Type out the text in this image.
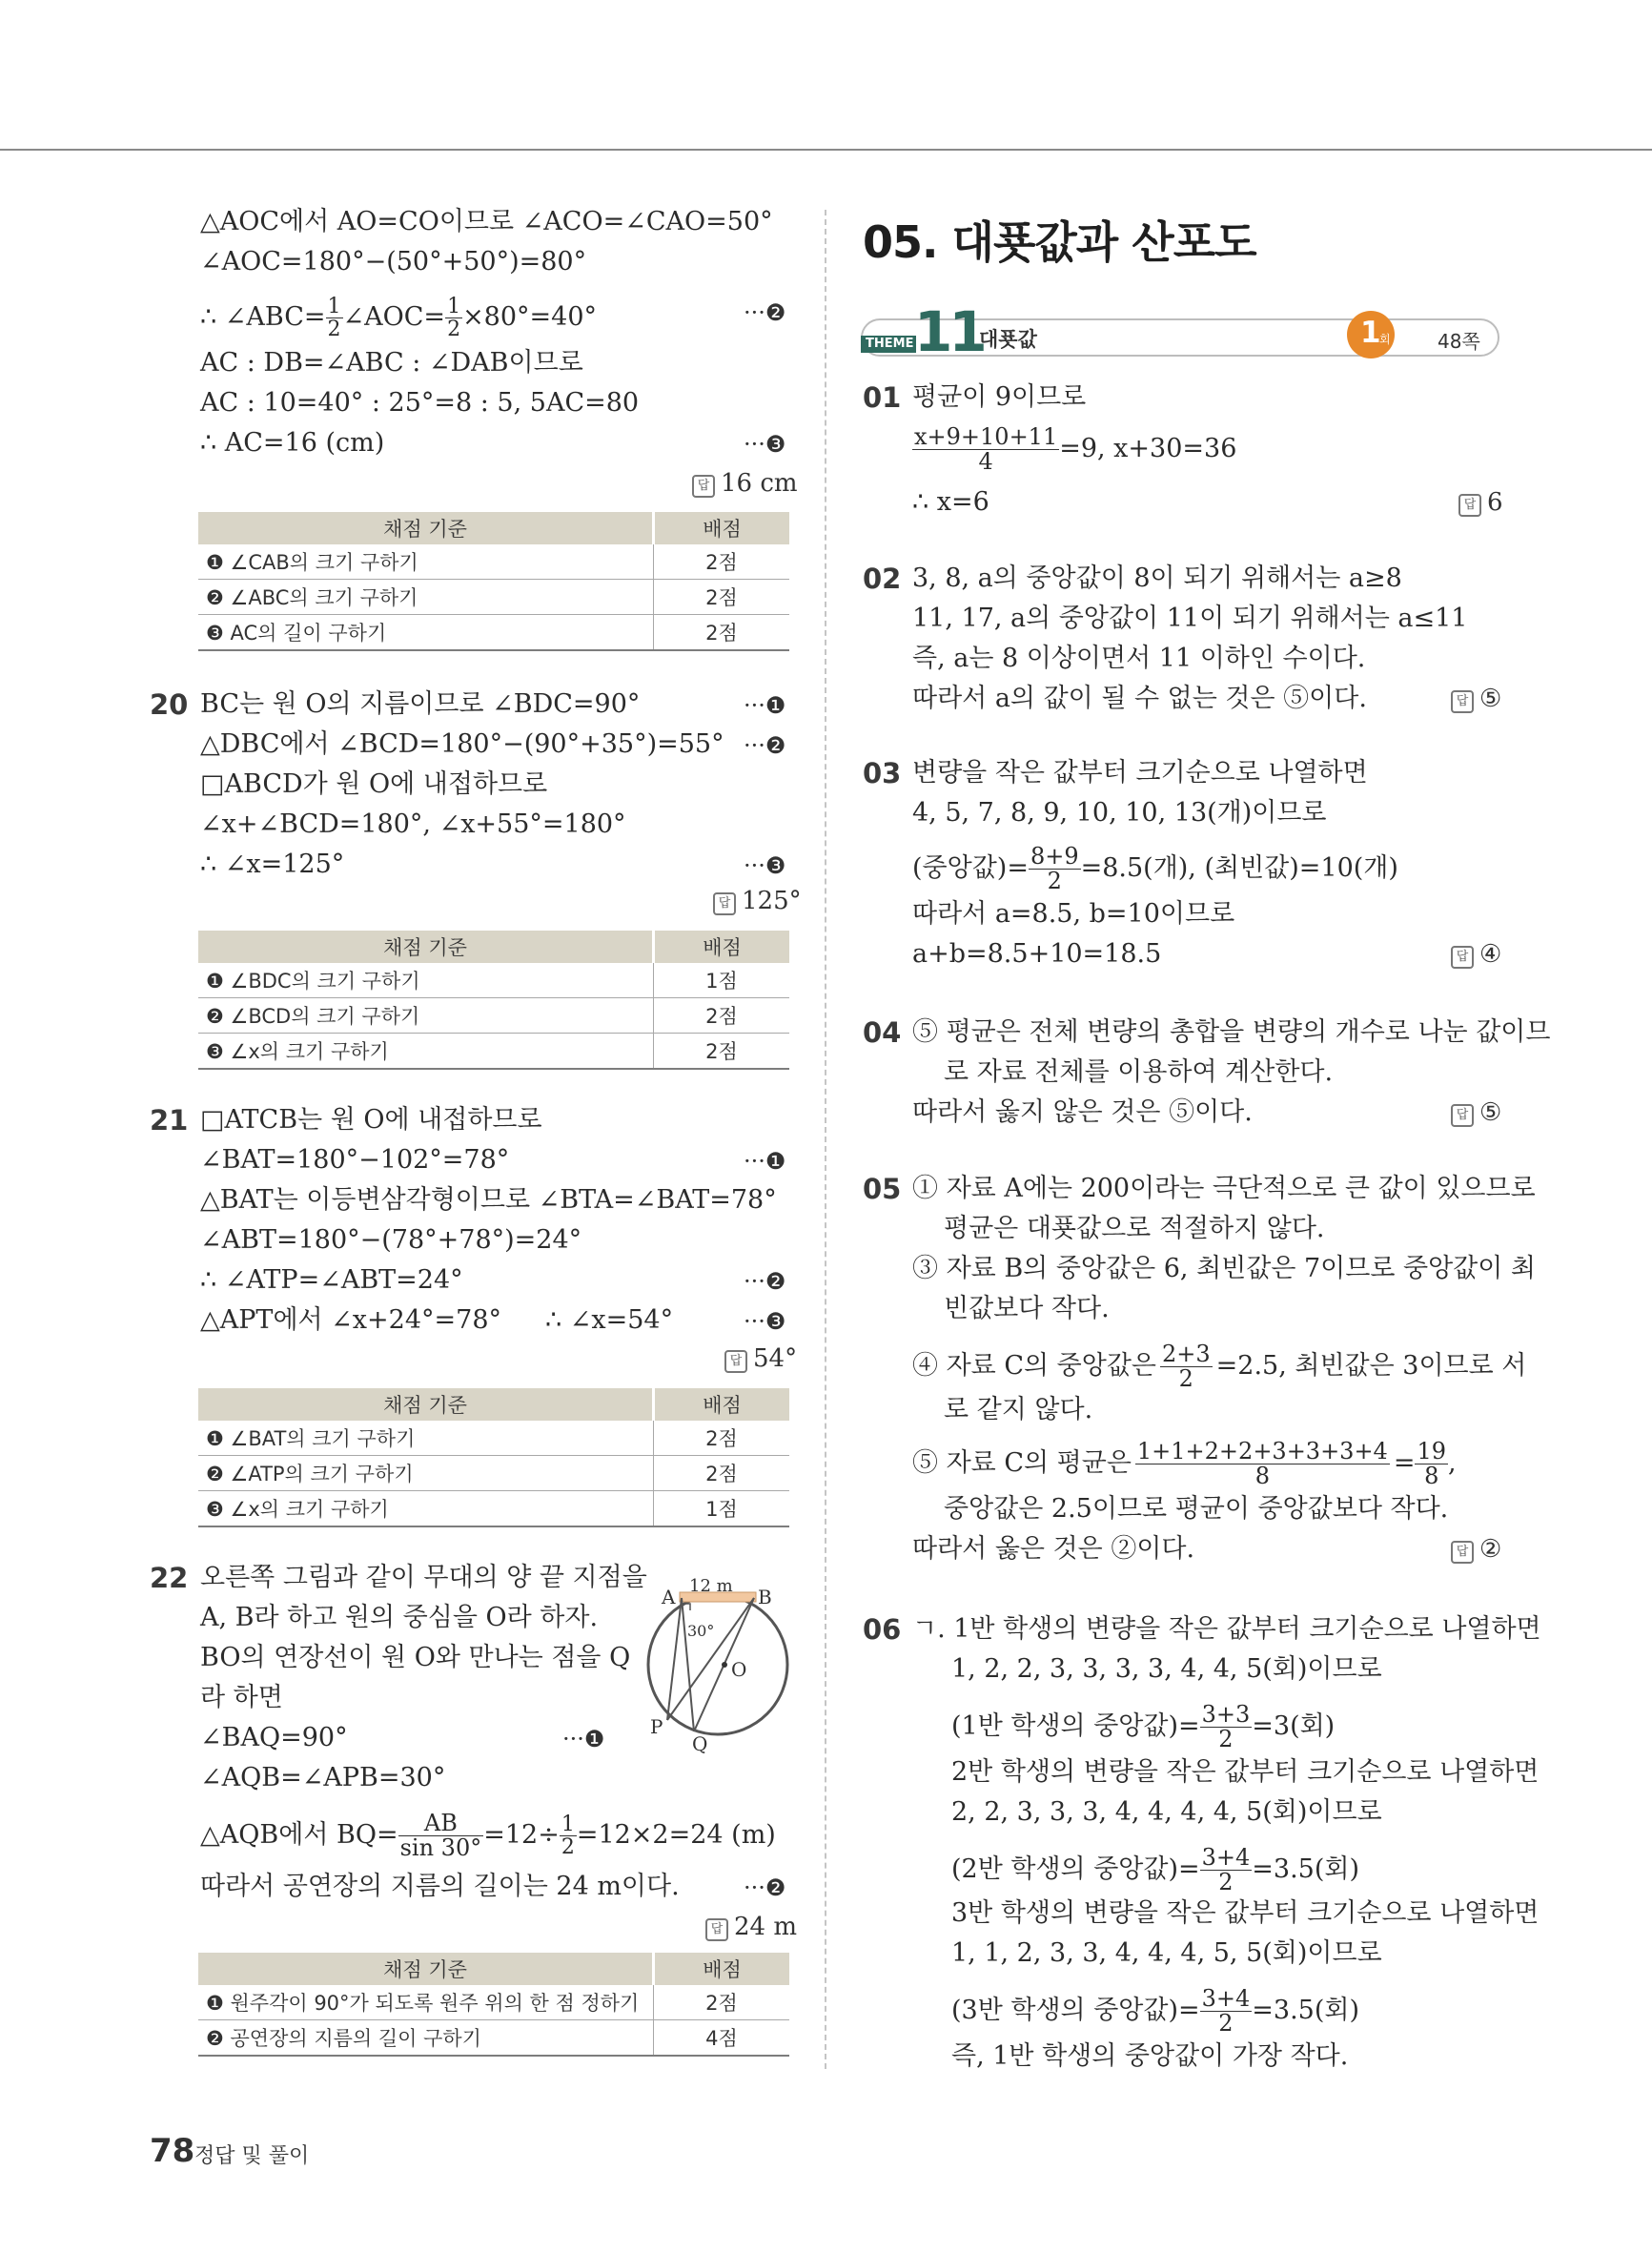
△AOC에서 AO=CO이므로 ∠ACO=∠CAO=50°
∠AOC=180°−(50°+50°)=80°
∴ ∠ABC= $\frac{1}{2}$ ∠AOC= $\frac{1}{2} \times 80^\circ=40^\circ$	···❷
AC : DB=∠ABC : ∠DAB이므로
AC : 10=40° : 25°=8 : 5, 5AC=80
∴ AC=16 (cm)	···❸
답 16 cm
채점 기준	배점
❶ ∠CAB의 크기 구하기	2점
❷ ∠ABC의 크기 구하기	2점
❸ AC의 길이 구하기	2점
20 BC는 원 O의 지름이므로 ∠BDC=90°	···❶
△DBC에서 ∠BCD=180°−(90°+35°)=55° ···❷
□ABCD가 원 O에 내접하므로
∠x+∠BCD=180°, ∠x+55°=180°
∴ ∠x=125°	···❸
답 125°
채점 기준	배점
❶ ∠BDC의 크기 구하기	1점
❷ ∠BCD의 크기 구하기	2점
❸ ∠x의 크기 구하기	2점
21 □ATCB는 원 O에 내접하므로
∠BAT=180°−102°=78°	···❶
△BAT는 이등변삼각형이므로 ∠BTA=∠BAT=78°
∠ABT=180°−(78°+78°)=24°
∴ ∠ATP=∠ABT=24°	···❷
△APT에서 ∠x+24°=78° ∴ ∠x=54°	···❸
답 54°
채점 기준	배점
❶ ∠BAT의 크기 구하기	2점
❷ ∠ATP의 크기 구하기	2점
❸ ∠x의 크기 구하기	1점
22 오른쪽 그림과 같이 무대의 양 끝 지점을
A, B라 하고 원의 중심을 O라 하자.
BO의 연장선이 원 O와 만나는 점을 Q
라 하면
∠BAQ=90°	···❶
∠AQB=∠APB=30°
△AQB에서 $BQ= \frac{AB}{\sin 30^\circ} =12\div \frac{1}{2} =12\times 2=24$ (m)
따라서 공연장의 지름의 길이는 24 m이다.	···❷
답 24 m
12 m
A	B
O
P
Q
30°
채점 기준	배점
❶ 원주각이 90°가 되도록 원주 위의 한 점 정하기	2점
❷ 공연장의 지름의 길이 구하기	4점
05. 대푯값과 산포도
THEME 11
대푯값	1
회 48쪽
01 평균이 9이므로
$\frac{x+9+10+11}{4} =9$, x+30=36
∴ x=6	답 6
02 3, 8, a의 중앙값이 8이 되기 위해서는 a≥8
11, 17, a의 중앙값이 11이 되기 위해서는 a≤11
즉, a는 8 이상이면서 11 이하인 수이다.
따라서 a의 값이 될 수 없는 것은 ⑤이다.	답 ⑤
03 변량을 작은 값부터 크기순으로 나열하면
4, 5, 7, 8, 9, 10, 10, 13(개)이므로
(중앙값)= $\frac{8+9}{2} =8.5$(개), (최빈값)=10(개)
따라서 a=8.5, b=10이므로
a+b=8.5+10=18.5	답 ④
04 ⑤ 평균은 전체 변량의 총합을 변량의 개수로 나눈 값이므
로 자료 전체를 이용하여 계산한다.
따라서 옳지 않은 것은 ⑤이다.	답 ⑤
05 ① 자료 A에는 200이라는 극단적으로 큰 값이 있으므로
평균은 대푯값으로 적절하지 않다.
③ 자료 B의 중앙값은 6, 최빈값은 7이므로 중앙값이 최
빈값보다 작다.
④ 자료 C의 중앙값은 $\frac{2+3}{2} =2.5$, 최빈값은 3이므로 서
로 같지 않다.
⑤ 자료 C의 평균은 $\frac{1+1+2+2+3+3+3+4}{8} = \frac{19}{8}$ ,
중앙값은 2.5이므로 평균이 중앙값보다 작다.
따라서 옳은 것은 ②이다.	답 ②
06 ㄱ. 1반 학생의 변량을 작은 값부터 크기순으로 나열하면
1, 2, 2, 3, 3, 3, 3, 4, 4, 5(회)이므로
(1반 학생의 중앙값)= $\frac{3+3}{2} =3$(회)
2반 학생의 변량을 작은 값부터 크기순으로 나열하면
2, 2, 3, 3, 3, 4, 4, 4, 4, 5(회)이므로
(2반 학생의 중앙값)= $\frac{3+4}{2} =3.5$(회)
3반 학생의 변량을 작은 값부터 크기순으로 나열하면
1, 1, 2, 3, 3, 4, 4, 4, 5, 5(회)이므로
(3반 학생의 중앙값)= $\frac{3+4}{2} =3.5$(회)
즉, 1반 학생의 중앙값이 가장 작다.
78 정답 및 풀이
